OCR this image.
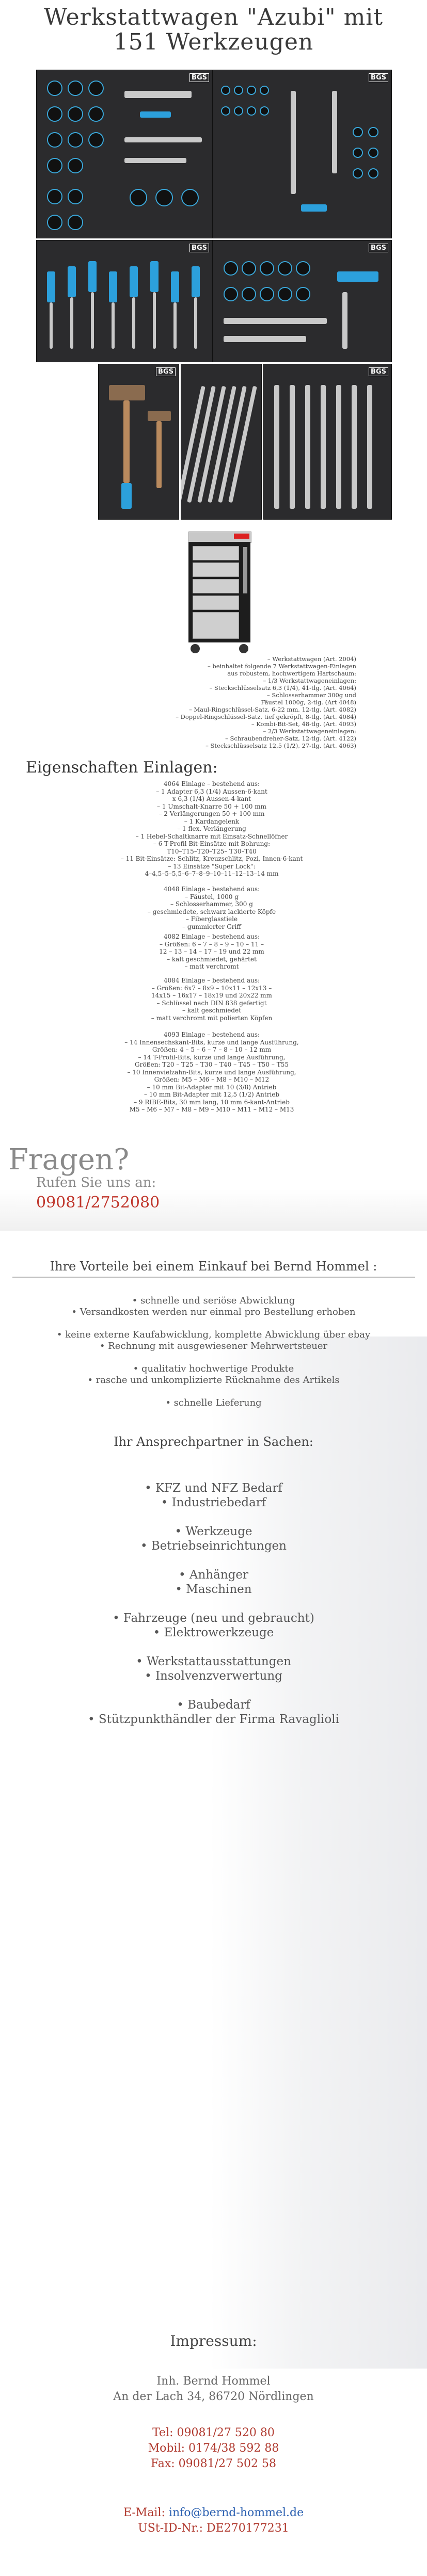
Werkstattwagen "Azubi" mit
151 Werkzeugen
BGS	BGS
BGS	BGS
BGS	BGS
– Werkstattwagen (Art. 2004)
– beinhaltet folgende 7 Werkstattwagen-Einlagen
aus robustem, hochwertigem Hartschaum:
– 1/3 Werkstattwageneinlagen:
– Steckschlüsselsatz 6,3 (1/4), 41-tlg. (Art. 4064)
– Schlosserhammer 300g und
Fäustel 1000g, 2-tlg. (Art 4048)
– Maul-Ringschlüssel-Satz, 6-22 mm, 12-tlg. (Art. 4082)
– Doppel-Ringschlüssel-Satz, tief gekröpft, 8-tlg. (Art. 4084)
– Kombi-Bit-Set, 48-tlg. (Art. 4093)
– 2/3 Werkstattwageneinlagen:
– Schraubendreher-Satz, 12-tlg. (Art. 4122)
– Steckschlüsselsatz 12,5 (1/2), 27-tlg. (Art. 4063)
Eigenschaften Einlagen:
4064 Einlage – bestehend aus:
– 1 Adapter 6,3 (1/4) Aussen-6-kant
x 6,3 (1/4) Aussen-4-kant
– 1 Umschalt-Knarre 50 + 100 mm
– 2 Verlängerungen 50 + 100 mm
– 1 Kardangelenk
– 1 flex. Verlängerung
– 1 Hebel-Schaltknarre mit Einsatz-Schnellöfner
– 6 T-Profil Bit-Einsätze mit Bohrung:
T10–T15–T20–T25– T30–T40
– 11 Bit-Einsätze: Schlitz, Kreuzschlitz, Pozi, Innen-6-kant
– 13 Einsätze "Super Lock":
4–4,5–5–5,5–6–7–8–9–10–11–12–13–14 mm
4048 Einlage – bestehend aus:
– Fäustel, 1000 g
– Schlosserhammer, 300 g
– geschmiedete, schwarz lackierte Köpfe
– Fiberglasstiele
– gummierter Griff
4082 Einlage – bestehend aus:
– Größen: 6 – 7 – 8 – 9 – 10 – 11 –
12 – 13 – 14 – 17 – 19 und 22 mm
– kalt geschmiedet, gehärtet
– matt verchromt
4084 Einlage – bestehend aus:
– Größen: 6x7 – 8x9 – 10x11 – 12x13 –
14x15 – 16x17 – 18x19 und 20x22 mm
– Schlüssel nach DIN 838 gefertigt
– kalt geschmiedet
– matt verchromt mit polierten Köpfen
4093 Einlage – bestehend aus:
– 14 Innensechskant-Bits, kurze und lange Ausführung,
Größen: 4 – 5 – 6 – 7 – 8 – 10 – 12 mm
– 14 T-Profil-Bits, kurze und lange Ausführung,
Größen: T20 – T25 – T30 – T40 – T45 – T50 – T55
– 10 Innenvielzahn-Bits, kurze und lange Ausführung,
Größen: M5 – M6 – M8 – M10 – M12
– 10 mm Bit-Adapter mit 10 (3/8) Antrieb
– 10 mm Bit-Adapter mit 12,5 (1/2) Antrieb
– 9 RIBE-Bits, 30 mm lang, 10 mm 6-kant-Antrieb
M5 – M6 – M7 – M8 – M9 – M10 – M11 – M12 – M13
Fragen?
Rufen Sie uns an:
09081/2752080

Ihre Vorteile bei einem Einkauf bei Bernd Hommel :

• schnelle und seriöse Abwicklung
• Versandkosten werden nur einmal pro Bestellung erhoben

• keine externe Kaufabwicklung, komplette Abwicklung über ebay
• Rechnung mit ausgewiesener Mehrwertsteuer

• qualitativ hochwertige Produkte
• rasche und unkomplizierte Rücknahme des Artikels

• schnelle Lieferung
Ihr Ansprechpartner in Sachen:
• KFZ und NFZ Bedarf
• Industriebedarf

• Werkzeuge
• Betriebseinrichtungen

• Anhänger
• Maschinen

• Fahrzeuge (neu und gebraucht)
• Elektrowerkzeuge

• Werkstattausstattungen
• Insolvenzverwertung

• Baubedarf
• Stützpunkthändler der Firma Ravaglioli
Impressum:
Inh. Bernd Hommel
An der Lach 34, 86720 Nördlingen
Tel: 09081/27 520 80
Mobil: 0174/38 592 88
Fax: 09081/27 502 58
E-Mail: info@bernd-hommel.de
USt-ID-Nr.: DE270177231
